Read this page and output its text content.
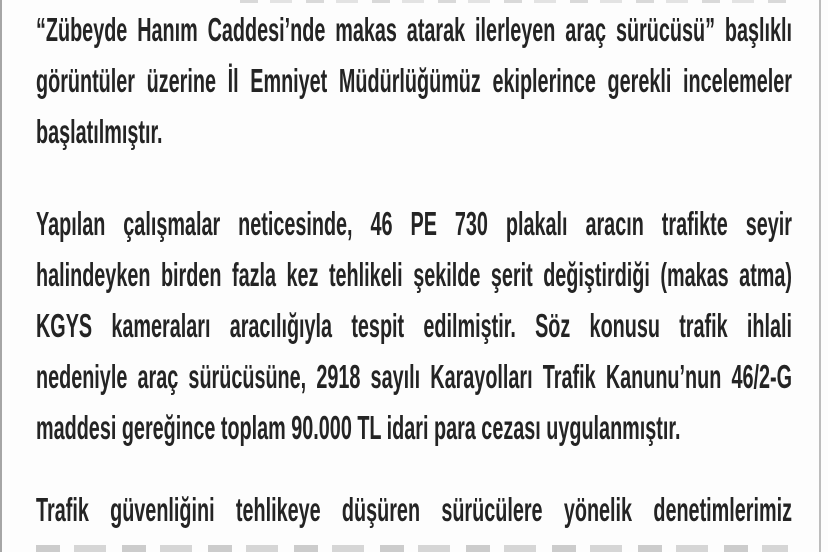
“Zübeyde Hanım Caddesi’nde makas atarak ilerleyen araç sürücüsü” başlıklı
görüntüler üzerine İl Emniyet Müdürlüğümüz ekiplerince gerekli incelemeler
başlatılmıştır.
Yapılan çalışmalar neticesinde, 46 PE 730 plakalı aracın trafikte seyir
halindeyken birden fazla kez tehlikeli şekilde şerit değiştirdiği (makas atma)
KGYS kameraları aracılığıyla tespit edilmiştir. Söz konusu trafik ihlali
nedeniyle araç sürücüsüne, 2918 sayılı Karayolları Trafik Kanunu’nun 46/2-G
maddesi gereğince toplam 90.000 TL idari para cezası uygulanmıştır.
Trafik güvenliğini tehlikeye düşüren sürücülere yönelik denetimlerimiz
